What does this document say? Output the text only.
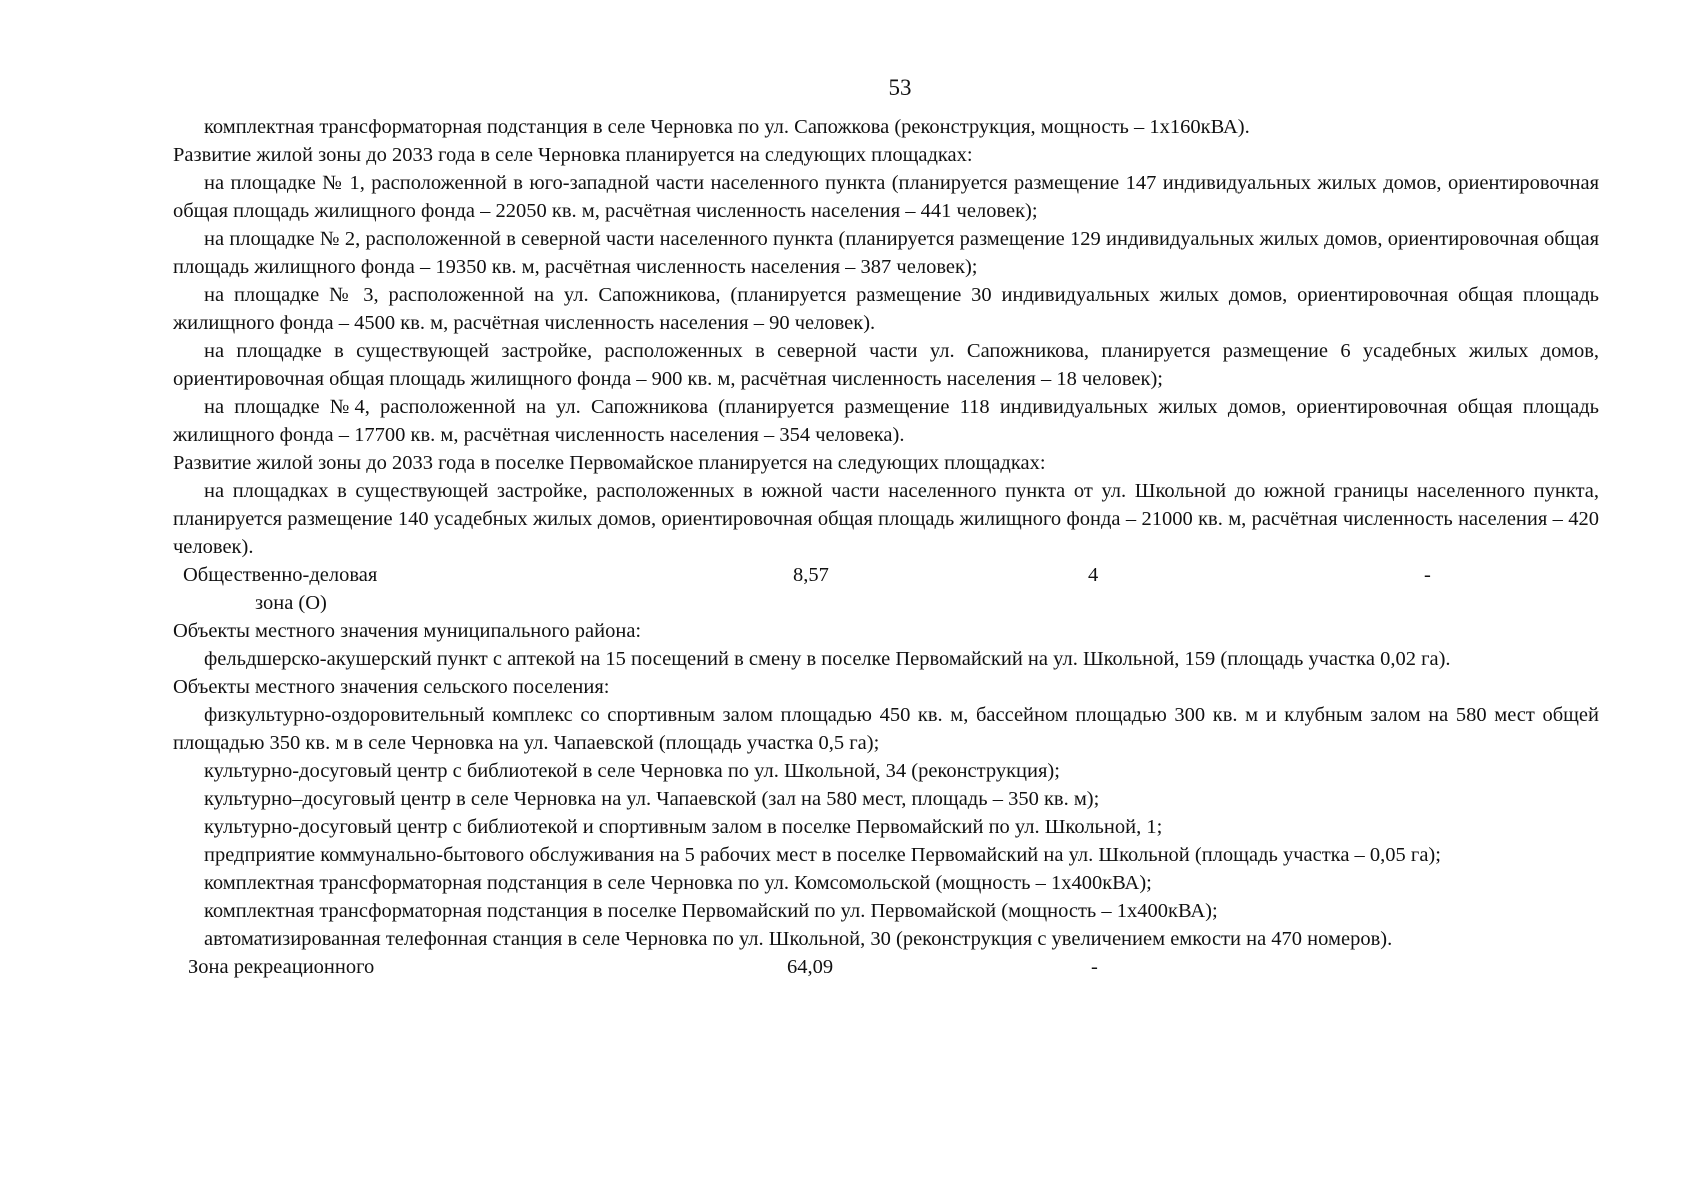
53

комплектная трансформаторная подстанция в селе Черновка по ул. Сапожкова (реконструкция, мощность – 1х160кВА).

Развитие жилой зоны до 2033 года в селе Черновка планируется на следующих площадках:

на площадке № 1, расположенной в юго-западной части населенного пункта (планируется размещение 147 индивидуальных жилых домов, ориентировочная общая площадь жилищного фонда – 22050 кв. м, расчётная численность населения – 441 человек);

на площадке № 2, расположенной в северной части населенного пункта (планируется размещение 129 индивидуальных жилых домов, ориентировочная общая площадь жилищного фонда – 19350 кв. м, расчётная численность населения – 387 человек);

на площадке № 3, расположенной на ул. Сапожникова, (планируется размещение 30 индивидуальных жилых домов, ориентировочная общая площадь жилищного фонда – 4500 кв. м, расчётная численность населения – 90 человек).

на площадке в существующей застройке, расположенных в северной части ул. Сапожникова, планируется размещение 6 усадебных жилых домов, ориентировочная общая площадь жилищного фонда – 900 кв. м, расчётная численность населения – 18 человек);

на площадке №4, расположенной на ул. Сапожникова (планируется размещение 118 индивидуальных жилых домов, ориентировочная общая площадь жилищного фонда – 17700 кв. м, расчётная численность населения – 354 человека).

Развитие жилой зоны до 2033 года в поселке Первомайское планируется на следующих площадках:

на площадках в существующей застройке, расположенных в южной части населенного пункта от ул. Школьной до южной границы населенного пункта, планируется размещение 140 усадебных жилых домов, ориентировочная общая площадь жилищного фонда – 21000 кв. м, расчётная численность населения – 420 человек).

Общественно-деловая	8,57	4	-
зона (О)

Объекты местного значения муниципального района:

фельдшерско-акушерский пункт с аптекой на 15 посещений в смену в поселке Первомайский на ул. Школьной, 159 (площадь участка 0,02 га).

Объекты местного значения сельского поселения:

физкультурно-оздоровительный комплекс со спортивным залом площадью 450 кв. м, бассейном площадью 300 кв. м и клубным залом на 580 мест общей площадью 350 кв. м в селе Черновка на ул. Чапаевской (площадь участка 0,5 га);

культурно-досуговый центр с библиотекой в селе Черновка по ул. Школьной, 34 (реконструкция);

культурно–досуговый центр в селе Черновка на ул. Чапаевской (зал на 580 мест, площадь – 350 кв. м);

культурно-досуговый центр с библиотекой и спортивным залом в поселке Первомайский по ул. Школьной, 1;

предприятие коммунально-бытового обслуживания на 5 рабочих мест в поселке Первомайский на ул. Школьной (площадь участка – 0,05 га);

комплектная трансформаторная подстанция в селе Черновка по ул. Комсомольской (мощность – 1х400кВА);

комплектная трансформаторная подстанция в поселке Первомайский по ул. Первомайской (мощность – 1х400кВА);

автоматизированная телефонная станция в селе Черновка по ул. Школьной, 30 (реконструкция с увеличением емкости на 470 номеров).

Зона рекреационного	64,09	-
